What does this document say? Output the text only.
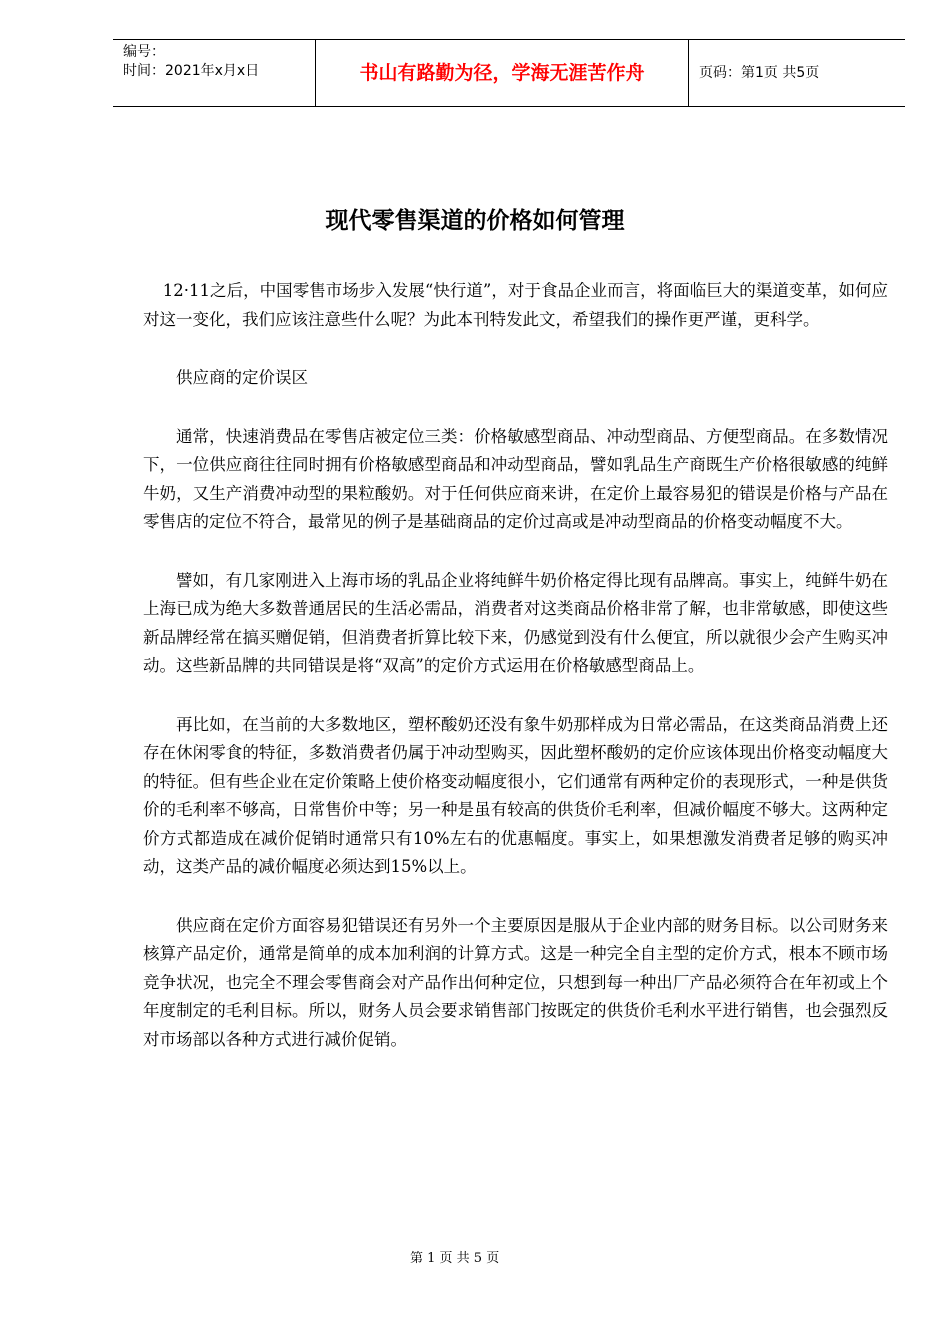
编号：
时间：2021年x月x日	书山有路勤为径，学海无涯苦作舟	页码：第1页 共5页
现代零售渠道的价格如何管理

12·11之后，中国零售市场步入发展“快行道”，对于食品企业而言，将面临巨大的渠道变革，如何应对这一变化，我们应该注意些什么呢？为此本刊特发此文，希望我们的操作更严谨，更科学。

供应商的定价误区

通常，快速消费品在零售店被定位三类：价格敏感型商品、冲动型商品、方便型商品。在多数情况下，一位供应商往往同时拥有价格敏感型商品和冲动型商品，譬如乳品生产商既生产价格很敏感的纯鲜牛奶，又生产消费冲动型的果粒酸奶。对于任何供应商来讲，在定价上最容易犯的错误是价格与产品在零售店的定位不符合，最常见的例子是基础商品的定价过高或是冲动型商品的价格变动幅度不大。

譬如，有几家刚进入上海市场的乳品企业将纯鲜牛奶价格定得比现有品牌高。事实上，纯鲜牛奶在上海已成为绝大多数普通居民的生活必需品，消费者对这类商品价格非常了解，也非常敏感，即使这些新品牌经常在搞买赠促销，但消费者折算比较下来，仍感觉到没有什么便宜，所以就很少会产生购买冲动。这些新品牌的共同错误是将“双高”的定价方式运用在价格敏感型商品上。

再比如，在当前的大多数地区，塑杯酸奶还没有象牛奶那样成为日常必需品，在这类商品消费上还存在休闲零食的特征，多数消费者仍属于冲动型购买，因此塑杯酸奶的定价应该体现出价格变动幅度大的特征。但有些企业在定价策略上使价格变动幅度很小，它们通常有两种定价的表现形式，一种是供货价的毛利率不够高，日常售价中等；另一种是虽有较高的供货价毛利率，但减价幅度不够大。这两种定价方式都造成在减价促销时通常只有10%左右的优惠幅度。事实上，如果想激发消费者足够的购买冲动，这类产品的减价幅度必须达到15%以上。

供应商在定价方面容易犯错误还有另外一个主要原因是服从于企业内部的财务目标。以公司财务来核算产品定价，通常是简单的成本加利润的计算方式。这是一种完全自主型的定价方式，根本不顾市场竞争状况，也完全不理会零售商会对产品作出何种定位，只想到每一种出厂产品必须符合在年初或上个年度制定的毛利目标。所以，财务人员会要求销售部门按既定的供货价毛利水平进行销售，也会强烈反对市场部以各种方式进行减价促销。

第 1 页 共 5 页
